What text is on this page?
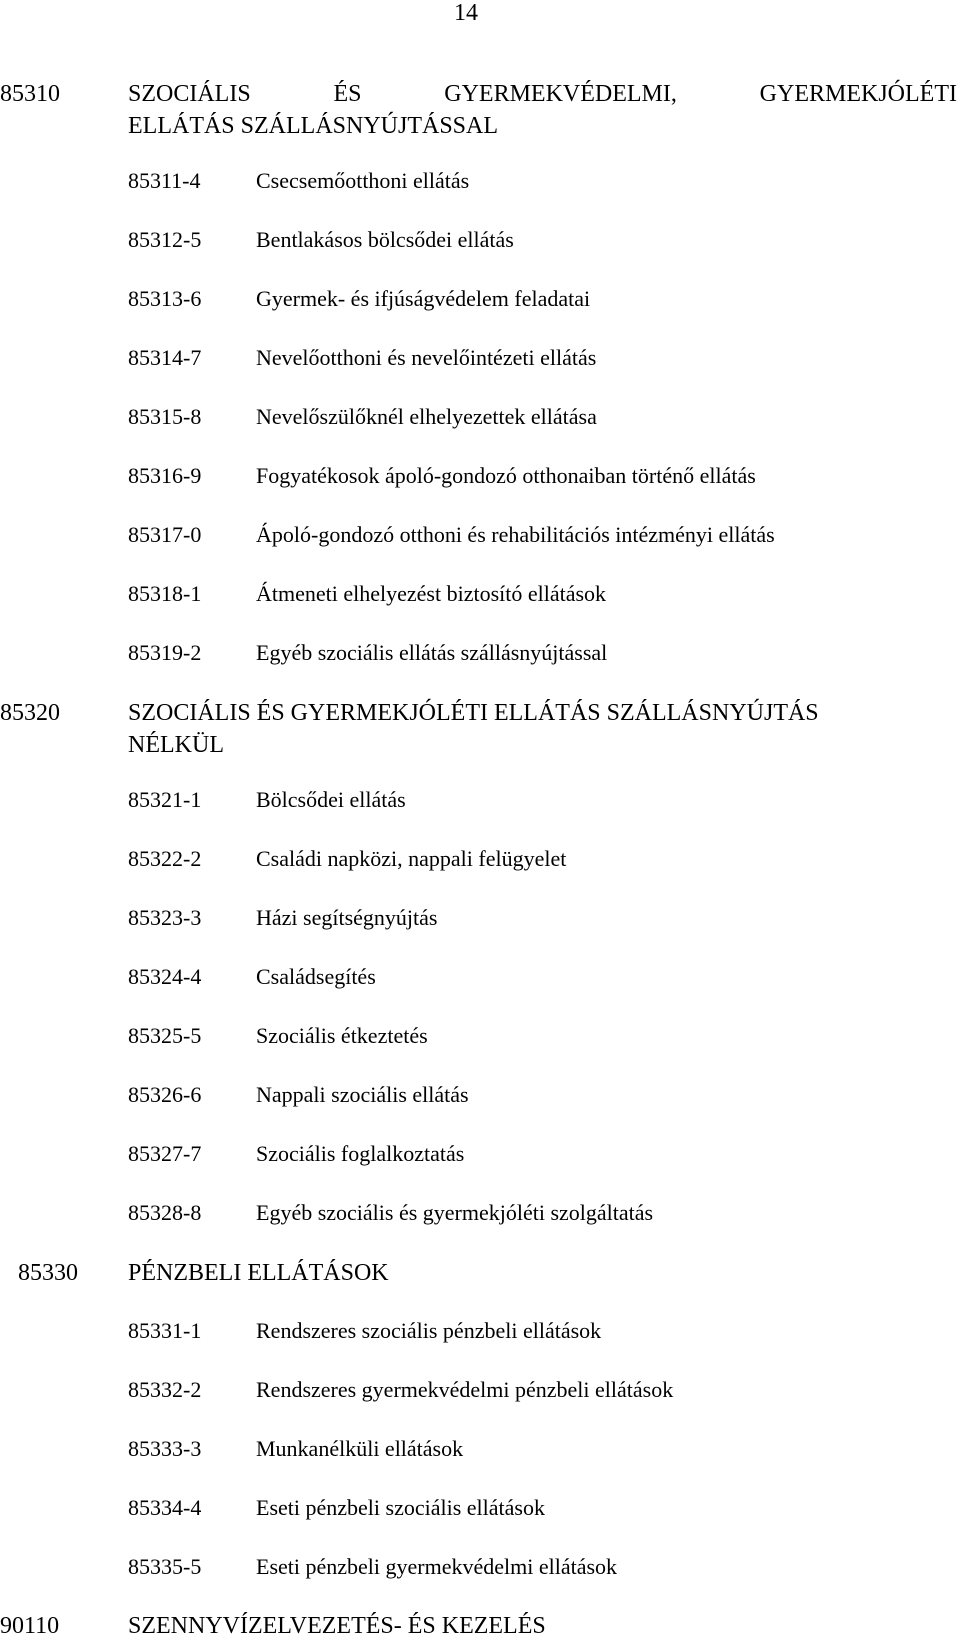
14
85310	SZOCIÁLIS ÉS GYERMEKVÉDELMI, GYERMEKJÓLÉTI
ELLÁTÁS SZÁLLÁSNYÚJTÁSSAL
85311-4	Csecsemőotthoni ellátás
85312-5	Bentlakásos bölcsődei ellátás
85313-6	Gyermek- és ifjúságvédelem feladatai
85314-7	Nevelőotthoni és nevelőintézeti ellátás
85315-8	Nevelőszülőknél elhelyezettek ellátása
85316-9	Fogyatékosok ápoló-gondozó otthonaiban történő ellátás
85317-0	Ápoló-gondozó otthoni és rehabilitációs intézményi ellátás
85318-1	Átmeneti elhelyezést biztosító ellátások
85319-2	Egyéb szociális ellátás szállásnyújtással
85320	SZOCIÁLIS ÉS GYERMEKJÓLÉTI ELLÁTÁS SZÁLLÁSNYÚJTÁS
NÉLKÜL
85321-1	Bölcsődei ellátás
85322-2	Családi napközi, nappali felügyelet
85323-3	Házi segítségnyújtás
85324-4	Családsegítés
85325-5	Szociális étkeztetés
85326-6	Nappali szociális ellátás
85327-7	Szociális foglalkoztatás
85328-8	Egyéb szociális és gyermekjóléti szolgáltatás
85330 PÉNZBELI ELLÁTÁSOK
85331-1	Rendszeres szociális pénzbeli ellátások
85332-2	Rendszeres gyermekvédelmi pénzbeli ellátások
85333-3	Munkanélküli ellátások
85334-4	Eseti pénzbeli szociális ellátások
85335-5	Eseti pénzbeli gyermekvédelmi ellátások
90110	SZENNYVÍZELVEZETÉS- ÉS KEZELÉS
